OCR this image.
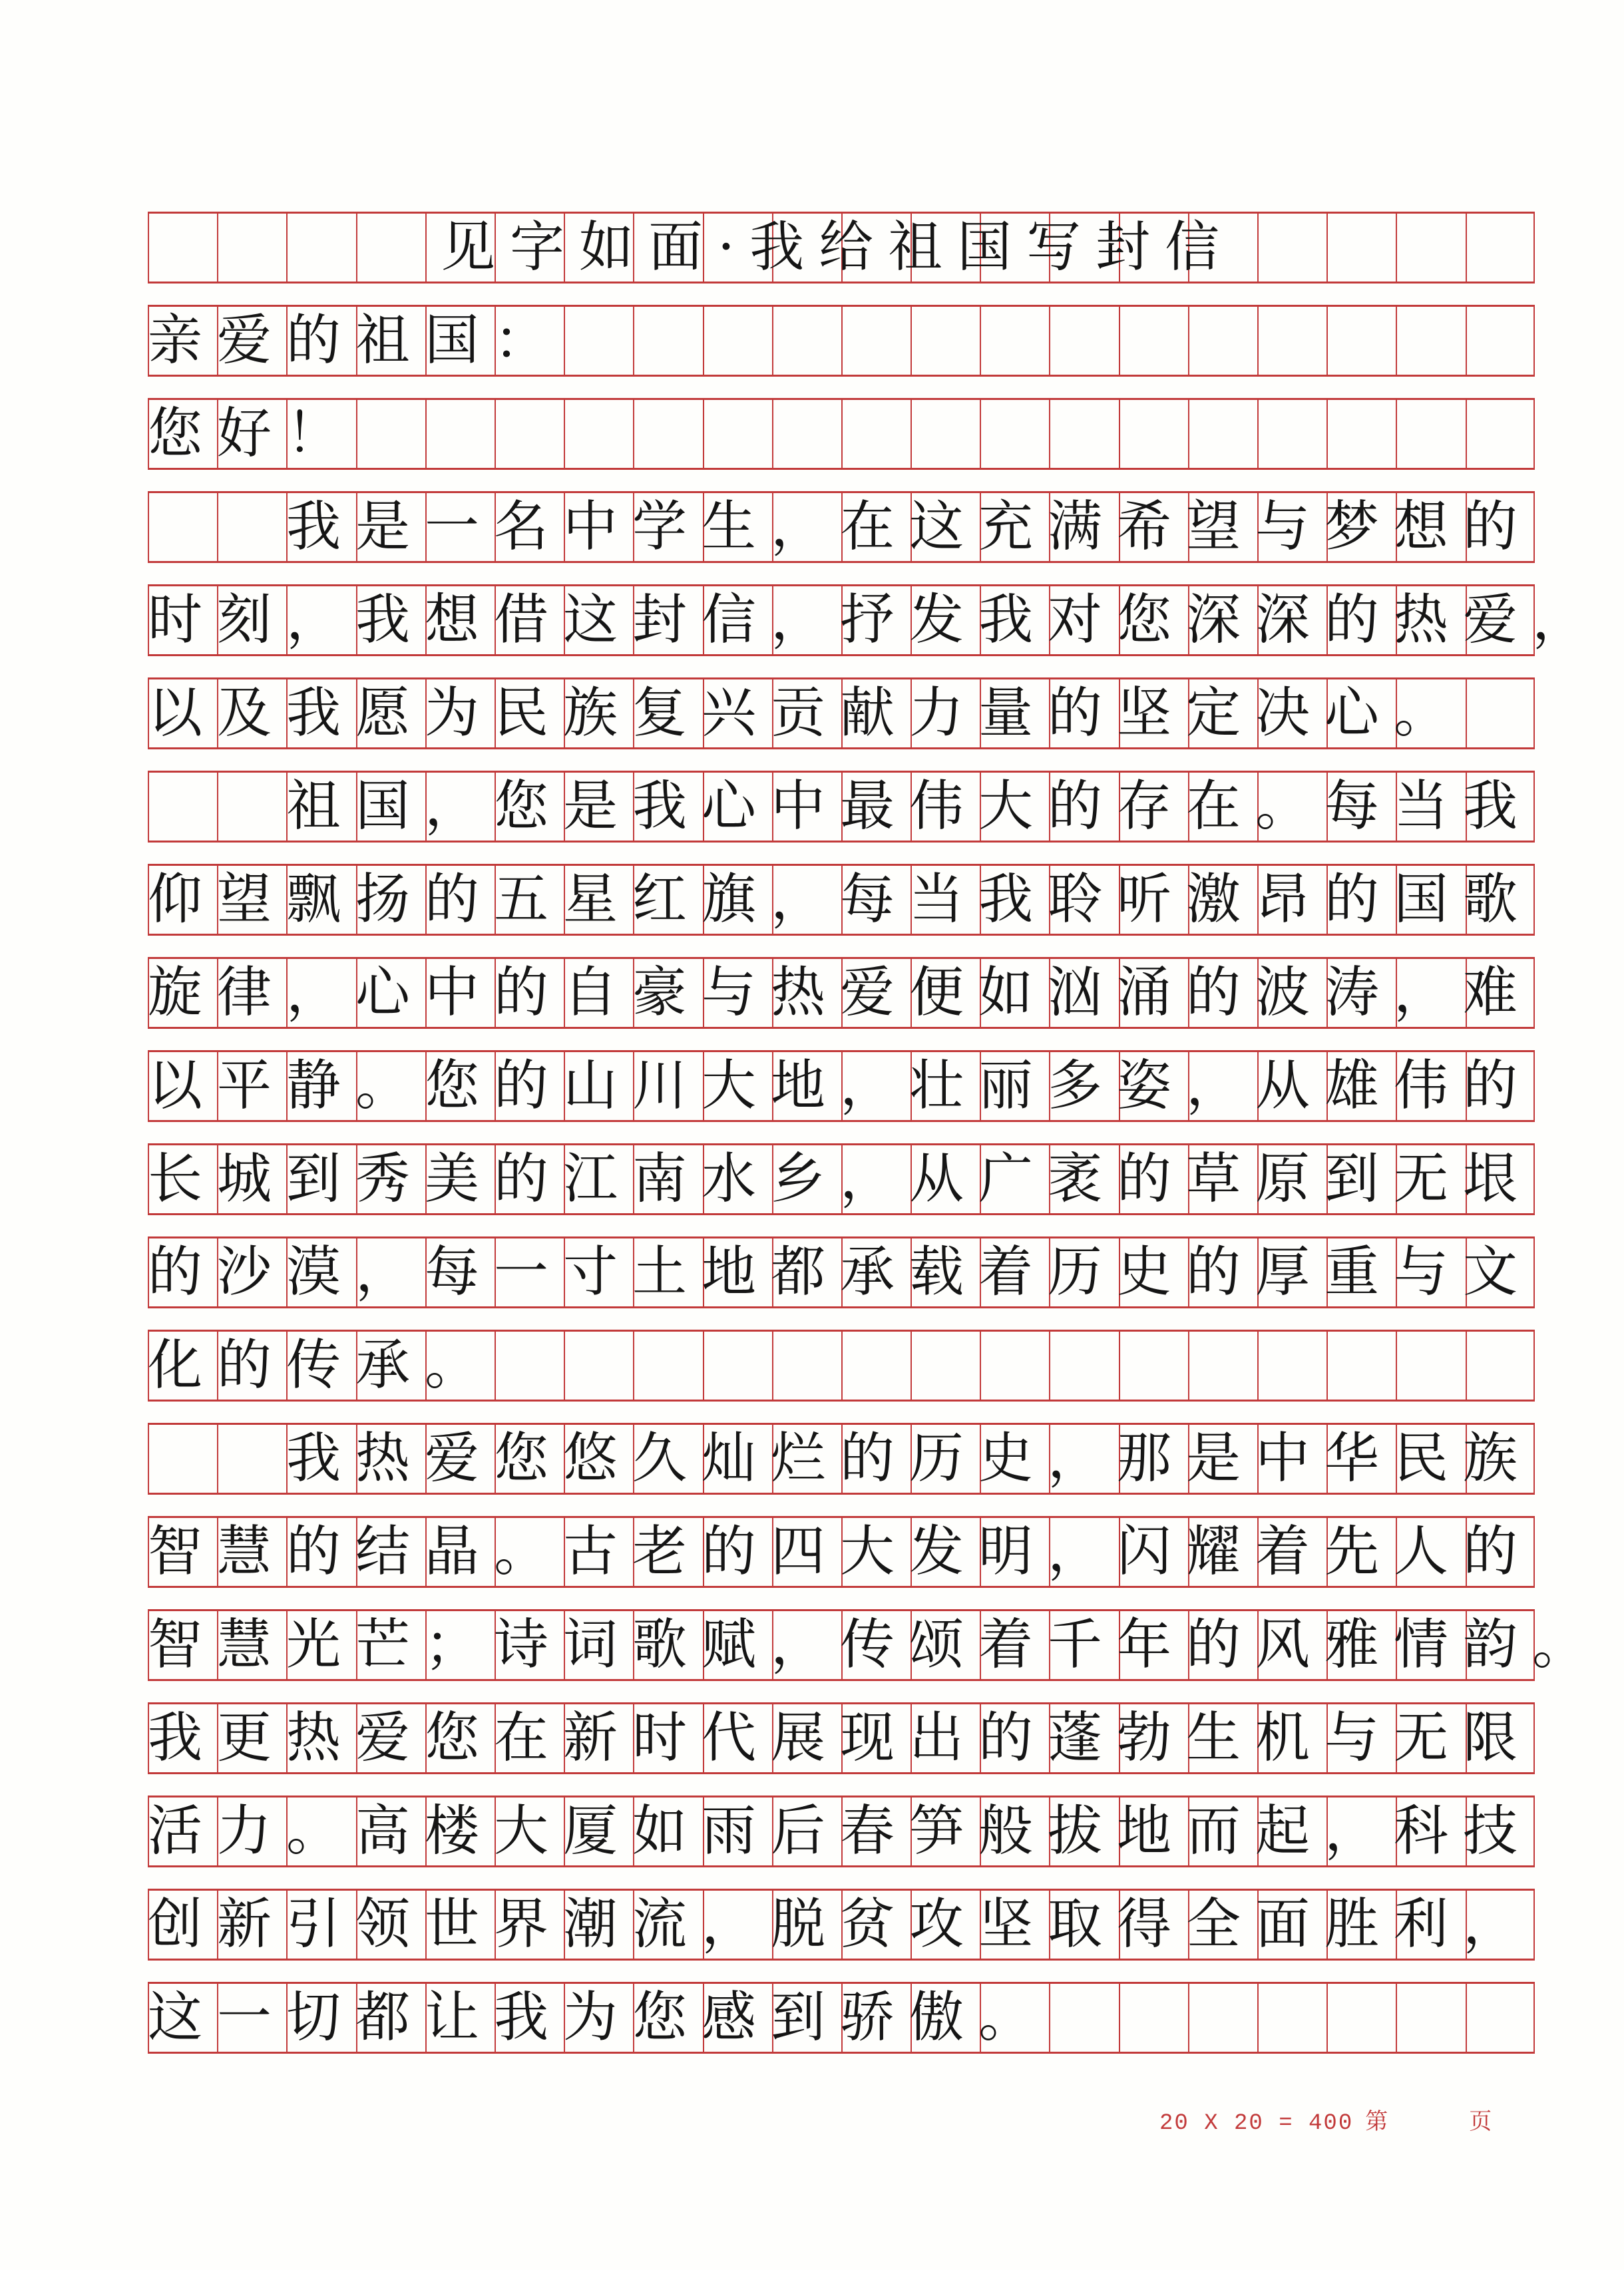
见字如面·我给祖国写封信
亲爱的祖国：
您好！
我是一名中学生，在这充满希望与梦想的
时刻，我想借这封信，抒发我对您深深的热爱，
以及我愿为民族复兴贡献力量的坚定决心。
祖国，您是我心中最伟大的存在。每当我
仰望飘扬的五星红旗，每当我聆听激昂的国歌
旋律，心中的自豪与热爱便如汹涌的波涛，难
以平静。您的山川大地，壮丽多姿，从雄伟的
长城到秀美的江南水乡，从广袤的草原到无垠
的沙漠，每一寸土地都承载着历史的厚重与文
化的传承。
我热爱您悠久灿烂的历史，那是中华民族
智慧的结晶。古老的四大发明，闪耀着先人的
智慧光芒；诗词歌赋，传颂着千年的风雅情韵。
我更热爱您在新时代展现出的蓬勃生机与无限
活力。高楼大厦如雨后春笋般拔地而起，科技
创新引领世界潮流，脱贫攻坚取得全面胜利，
这一切都让我为您感到骄傲。
20 X 20 = 400 第	页
